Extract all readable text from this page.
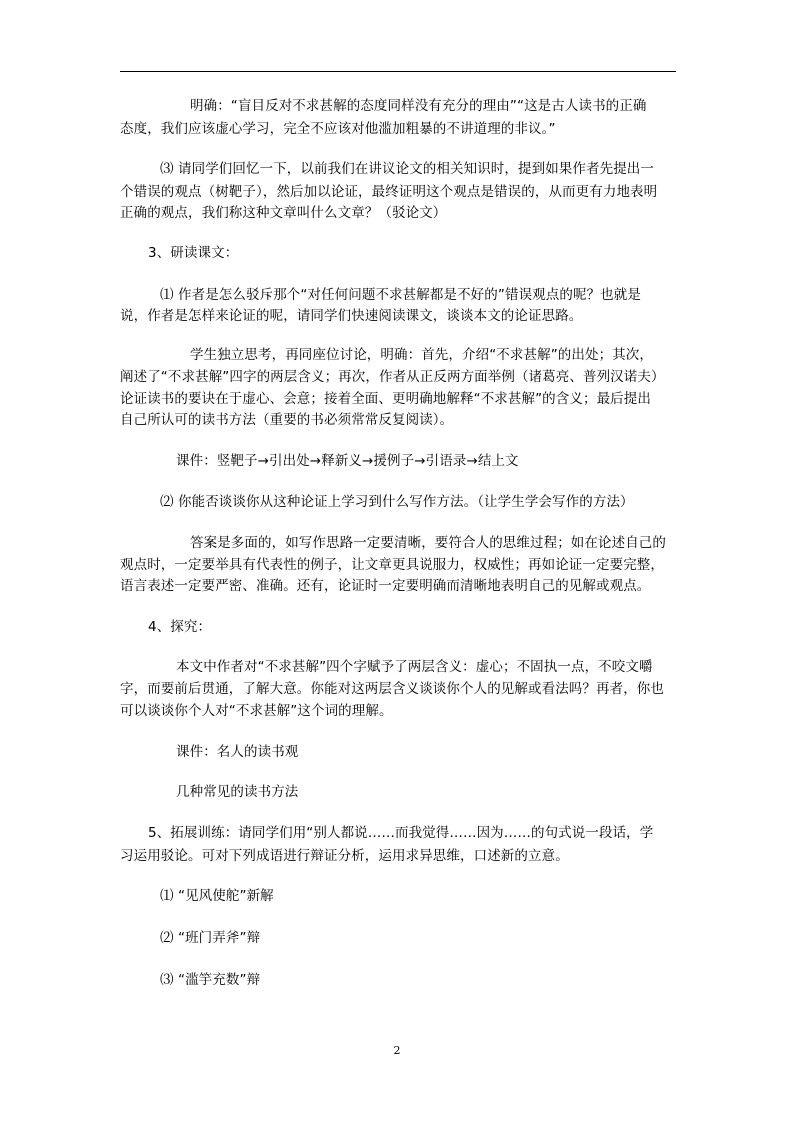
明确：“盲目反对不求甚解的态度同样没有充分的理由”“这是古人读书的正确
态度，我们应该虚心学习，完全不应该对他滥加粗暴的不讲道理的非议。”
⑶ 请同学们回忆一下，以前我们在讲议论文的相关知识时，提到如果作者先提出一
个错误的观点（树靶子），然后加以论证，最终证明这个观点是错误的，从而更有力地表明
正确的观点，我们称这种文章叫什么文章？（驳论文）
3、研读课文：
⑴ 作者是怎么驳斥那个“对任何问题不求甚解都是不好的”错误观点的呢？也就是
说，作者是怎样来论证的呢，请同学们快速阅读课文，谈谈本文的论证思路。
学生独立思考，再同座位讨论，明确：首先，介绍“不求甚解”的出处；其次，
阐述了“不求甚解”四字的两层含义；再次，作者从正反两方面举例（诸葛亮、普列汉诺夫）
论证读书的要诀在于虚心、会意；接着全面、更明确地解释“不求甚解”的含义；最后提出
自己所认可的读书方法（重要的书必须常常反复阅读）。
课件：竖靶子→引出处→释新义→援例子→引语录→结上文
⑵ 你能否谈谈你从这种论证上学习到什么写作方法。（让学生学会写作的方法）
答案是多面的，如写作思路一定要清晰，要符合人的思维过程；如在论述自己的
观点时，一定要举具有代表性的例子，让文章更具说服力，权威性；再如论证一定要完整，
语言表述一定要严密、准确。还有，论证时一定要明确而清晰地表明自己的见解或观点。
4、探究：
本文中作者对“不求甚解”四个字赋予了两层含义：虚心；不固执一点，不咬文嚼
字，而要前后贯通，了解大意。你能对这两层含义谈谈你个人的见解或看法吗？再者，你也
可以谈谈你个人对“不求甚解”这个词的理解。
课件：名人的读书观
几种常见的读书方法
5、拓展训练：请同学们用“别人都说……而我觉得……因为……的句式说一段话，学
习运用驳论。可对下列成语进行辩证分析，运用求异思维，口述新的立意。
⑴ “见风使舵”新解
⑵ “班门弄斧”辩
⑶ “滥竽充数”辩
2
